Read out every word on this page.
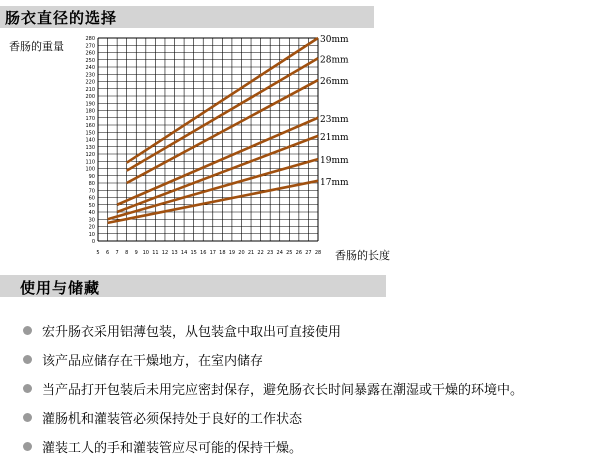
肠衣直径的选择
香肠的重量
香肠的长度
5 6 7 8 9 10 11 12 13 14 15 16 17 18 19 20 21 22 23 24 25 26 27 28
0
10
20
30
40
50
60
70
80
90
100
110
120
130
140
150
160
170
180
190
200
210
220
230
240
250
260
270
280	30mm
28mm
26mm
23mm
21mm
19mm
17mm
使用与储藏
宏升肠衣采用铝薄包装，从包装盒中取出可直接使用
该产品应储存在干燥地方，在室内储存
当产品打开包装后未用完应密封保存，避免肠衣长时间暴露在潮湿或干燥的环境中。
灌肠机和灌装管必须保持处于良好的工作状态
灌装工人的手和灌装管应尽可能的保持干燥。
